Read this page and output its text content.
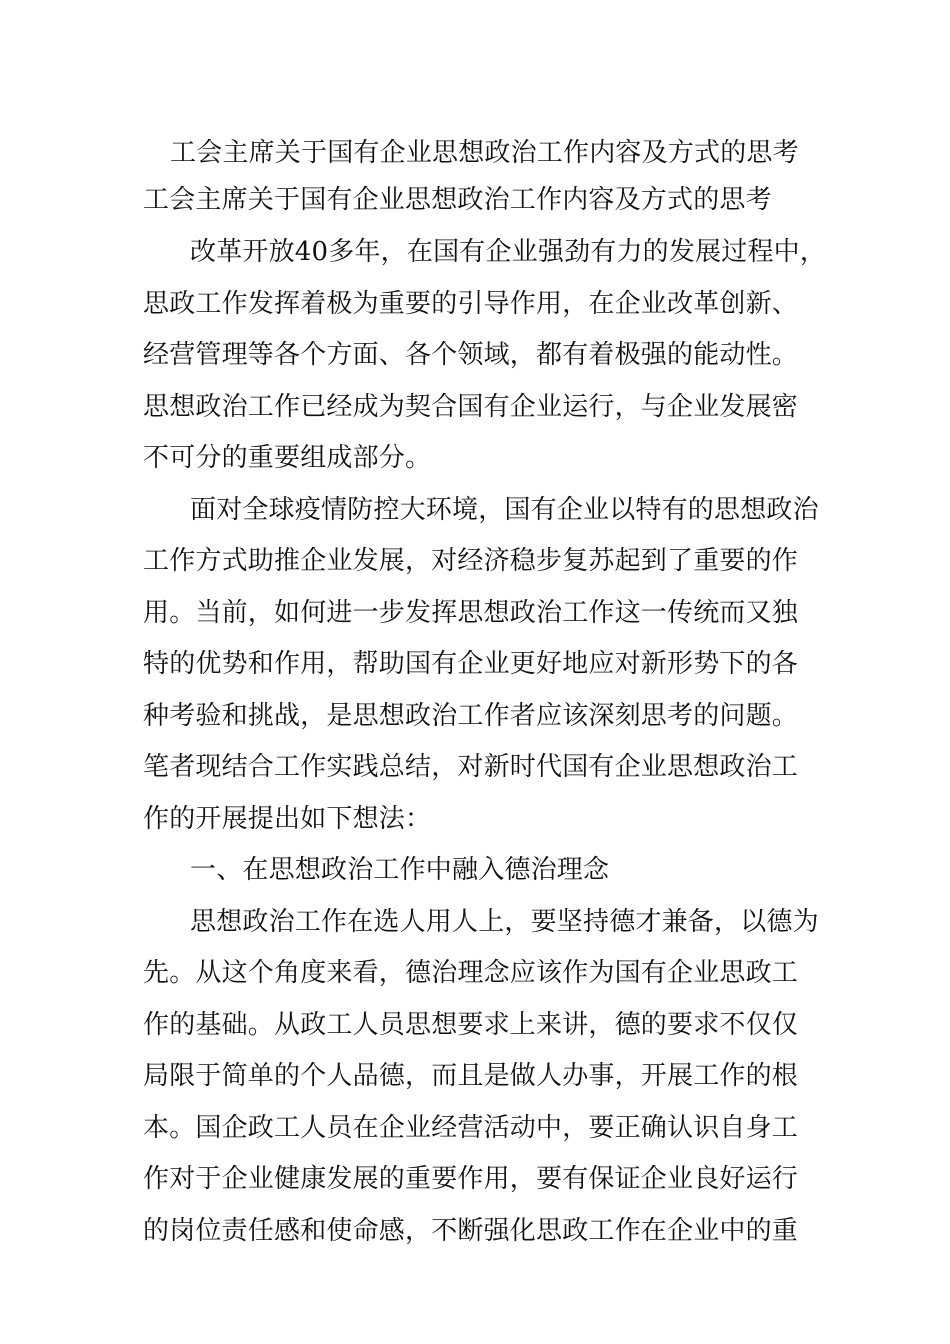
工会主席关于国有企业思想政治工作内容及方式的思考
工会主席关于国有企业思想政治工作内容及方式的思考
改革开放40多年，在国有企业强劲有力的发展过程中，
思政工作发挥着极为重要的引导作用，在企业改革创新、
经营管理等各个方面、各个领域，都有着极强的能动性。
思想政治工作已经成为契合国有企业运行，与企业发展密
不可分的重要组成部分。
面对全球疫情防控大环境，国有企业以特有的思想政治
工作方式助推企业发展，对经济稳步复苏起到了重要的作
用。当前，如何进一步发挥思想政治工作这一传统而又独
特的优势和作用，帮助国有企业更好地应对新形势下的各
种考验和挑战，是思想政治工作者应该深刻思考的问题。
笔者现结合工作实践总结，对新时代国有企业思想政治工
作的开展提出如下想法：
一、在思想政治工作中融入德治理念
思想政治工作在选人用人上，要坚持德才兼备，以德为
先。从这个角度来看，德治理念应该作为国有企业思政工
作的基础。从政工人员思想要求上来讲，德的要求不仅仅
局限于简单的个人品德，而且是做人办事，开展工作的根
本。国企政工人员在企业经营活动中，要正确认识自身工
作对于企业健康发展的重要作用，要有保证企业良好运行
的岗位责任感和使命感，不断强化思政工作在企业中的重
